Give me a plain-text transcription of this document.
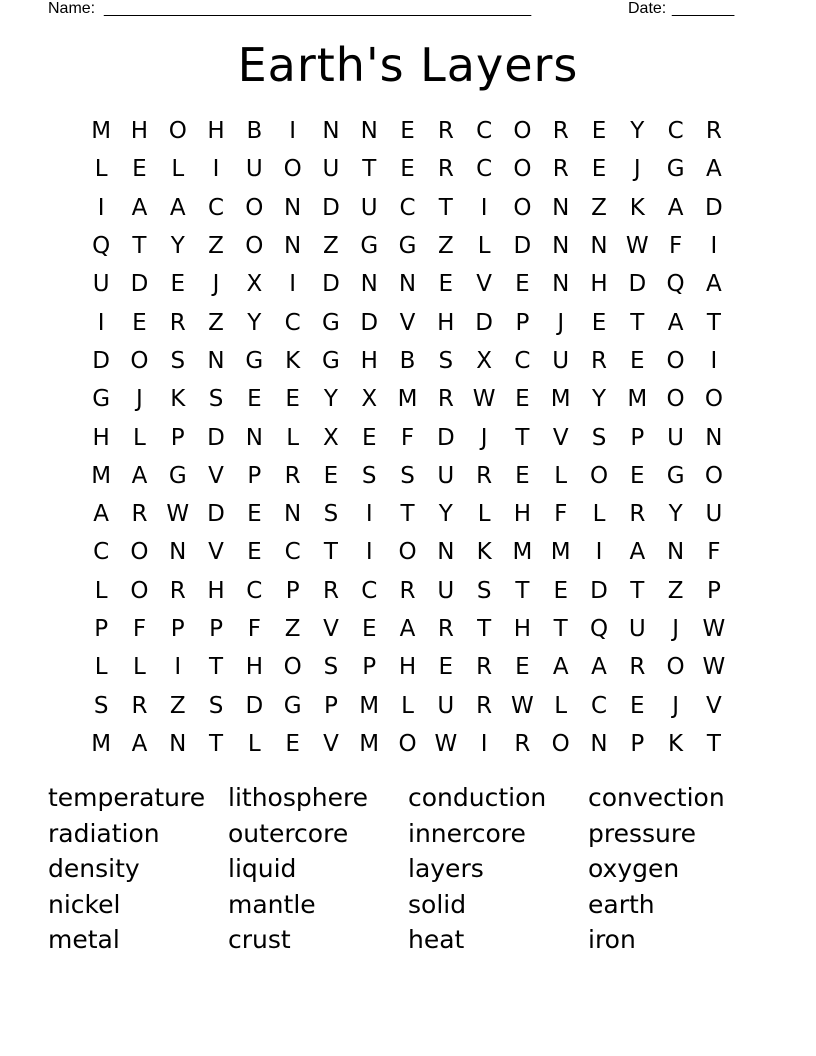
Name: ________________________________________________	Date: _______
Earth's Layers
M H O H B	I	N N E	R C O R	E	Y	C R
L	E	L	I	U O U T	E	R C O R	E	J	G A
I	A A C O N D U C	T	I	O N Z K A D
Q T	Y	Z O N Z G G Z	L	D N N W F	I
U D E	J	X	I	D N N E	V	E N H D Q A
I	E	R Z	Y	C G D V H D P	J	E	T	A	T
D O S N G K G H B	S	X C U R	E O	I
G	J	K	S	E	E	Y	X M R W E M Y M O O
H	L	P D N	L	X	E	F D	J	T	V	S	P U N
M A G V	P	R	E	S	S U R	E	L O E G O
A R W D E N S	I	T	Y	L	H	F	L	R	Y U
C O N V	E C	T	I	O N K M M	I	A N	F
L O R H C	P	R C R U S	T	E D T	Z	P
P	F	P	P	F	Z V	E	A R	T H T Q U	J	W
L	L	I	T H O S	P H E	R	E	A A R O W
S	R Z	S D G P M L	U R W L	C	E	J	V
M A N T	L	E	V M O W	I	R O N P	K	T
temperature lithosphere	conduction	convection
radiation	outercore	innercore	pressure
density	liquid	layers	oxygen
nickel	mantle	solid	earth
metal	crust	heat	iron
